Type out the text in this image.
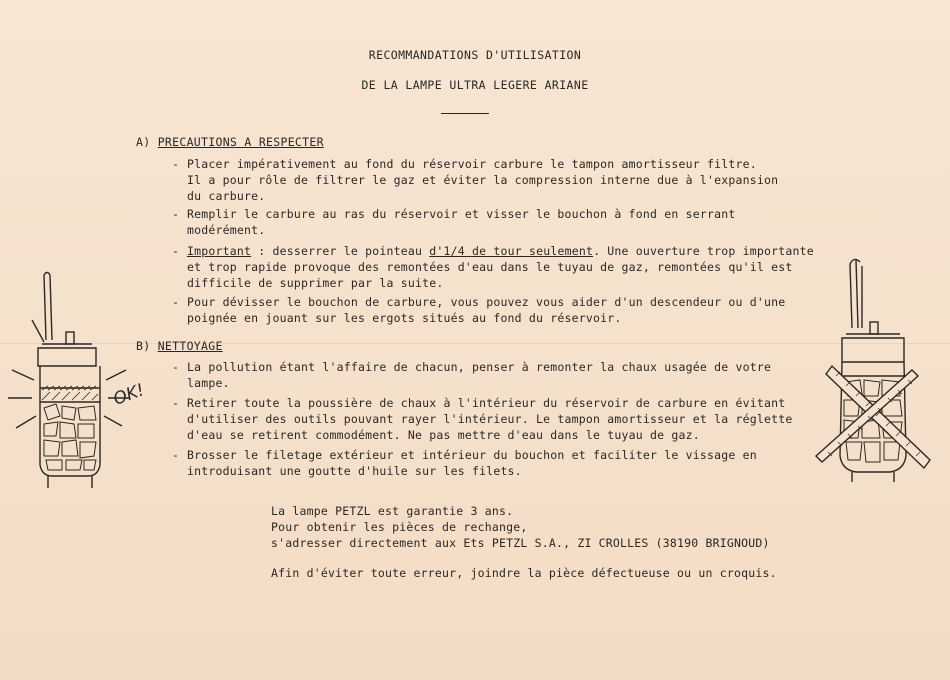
RECOMMANDATIONS D'UTILISATION
DE LA LAMPE ULTRA LEGERE ARIANE
A) PRECAUTIONS A RESPECTER
- Placer impérativement au fond du réservoir carbure le tampon amortisseur filtre.
Il a pour rôle de filtrer le gaz et éviter la compression interne due à l'expansion
du carbure.
- Remplir le carbure au ras du réservoir et visser le bouchon à fond en serrant
modérément.
- Important : desserrer le pointeau d'1/4 de tour seulement. Une ouverture trop importante
et trop rapide provoque des remontées d'eau dans le tuyau de gaz, remontées qu'il est
difficile de supprimer par la suite.
- Pour dévisser le bouchon de carbure, vous pouvez vous aider d'un descendeur ou d'une
poignée en jouant sur les ergots situés au fond du réservoir.
B) NETTOYAGE
- La pollution étant l'affaire de chacun, penser à remonter la chaux usagée de votre
lampe.
- Retirer toute la poussière de chaux à l'intérieur du réservoir de carbure en évitant
d'utiliser des outils pouvant rayer l'intérieur. Le tampon amortisseur et la réglette
d'eau se retirent commodément. Ne pas mettre d'eau dans le tuyau de gaz.
- Brosser le filetage extérieur et intérieur du bouchon et faciliter le vissage en
introduisant une goutte d'huile sur les filets.
La lampe PETZL est garantie 3 ans.
Pour obtenir les pièces de rechange,
s'adresser directement aux Ets PETZL S.A., ZI CROLLES (38190 BRIGNOUD)
Afin d'éviter toute erreur, joindre la pièce défectueuse ou un croquis.
OK!
